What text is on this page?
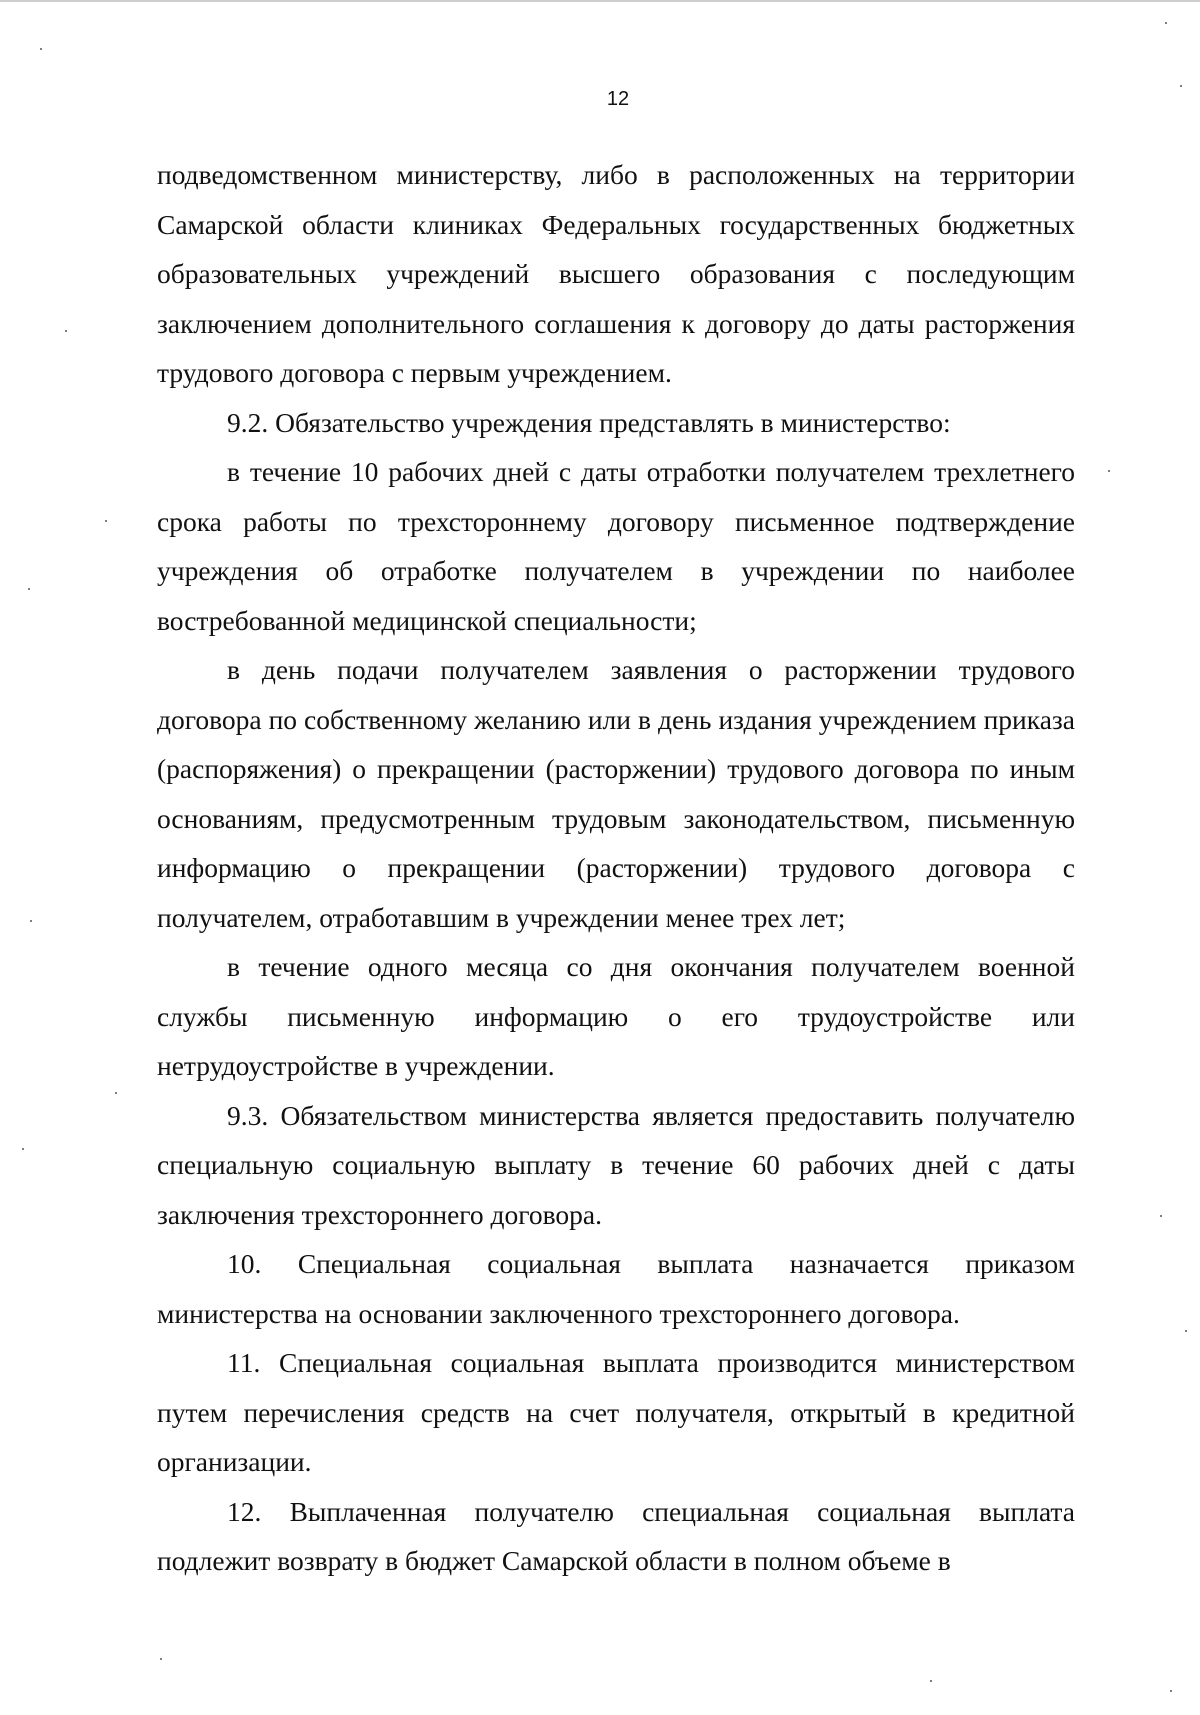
12

подведомственном министерству, либо в расположенных на территории Самарской области клиниках Федеральных государственных бюджетных образовательных учреждений высшего образования с последующим заключением дополнительного соглашения к договору до даты расторжения трудового договора с первым учреждением.

9.2. Обязательство учреждения представлять в министерство:

в течение 10 рабочих дней с даты отработки получателем трехлетнего срока работы по трехстороннему договору письменное подтверждение учреждения об отработке получателем в учреждении по наиболее востребованной медицинской специальности;

в день подачи получателем заявления о расторжении трудового договора по собственному желанию или в день издания учреждением приказа (распоряжения) о прекращении (расторжении) трудового договора по иным основаниям, предусмотренным трудовым законодательством, письменную информацию о прекращении (расторжении) трудового договора с получателем, отработавшим в учреждении менее трех лет;

в течение одного месяца со дня окончания получателем военной службы письменную информацию о его трудоустройстве или нетрудоустройстве в учреждении.

9.3. Обязательством министерства является предоставить получателю специальную социальную выплату в течение 60 рабочих дней с даты заключения трехстороннего договора.

10. Специальная социальная выплата назначается приказом министерства на основании заключенного трехстороннего договора.

11. Специальная социальная выплата производится министерством путем перечисления средств на счет получателя, открытый в кредитной организации.

12. Выплаченная получателю специальная социальная выплата подлежит возврату в бюджет Самарской области в полном объеме в
